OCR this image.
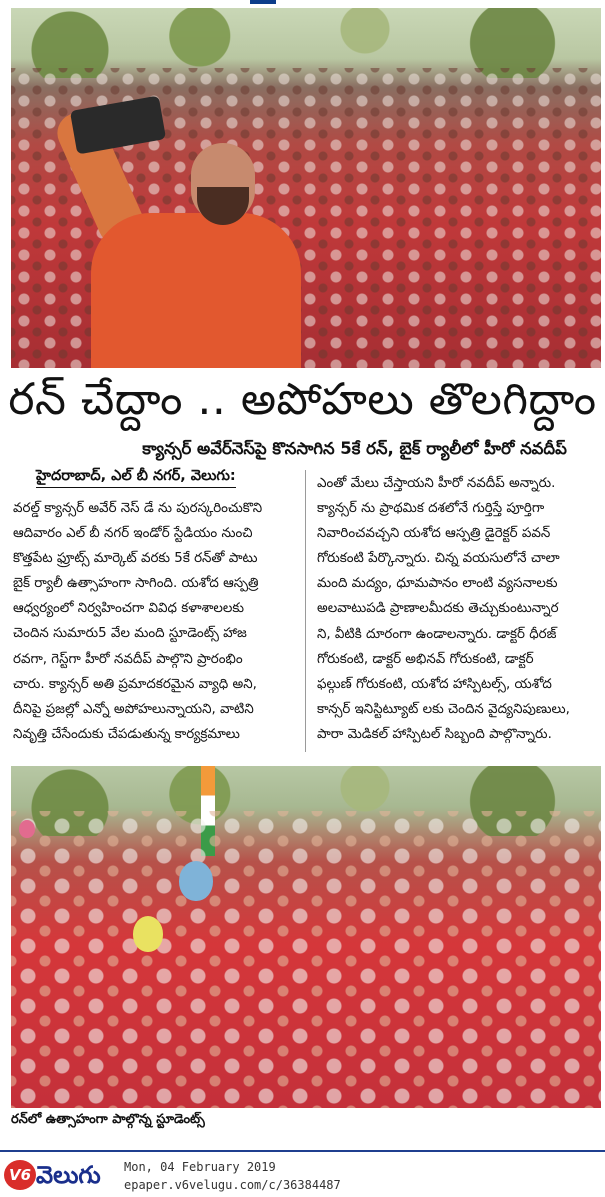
రన్ చేద్దాం .. అపోహలు తొలగిద్దాం
క్యాన్సర్ అవేర్‌నెస్‌పై కొనసాగిన 5కే రన్, బైక్ ర్యాలీలో హీరో నవదీప్
హైదరాబాద్, ఎల్ బీ నగర్, వెలుగు:
వరల్డ్ క్యాన్సర్ అవేర్ నెస్ డే ను పురస్కరించుకొని
ఆదివారం ఎల్ బీ నగర్ ఇండోర్ స్టేడియం నుంచి
కొత్తపేట ఫ్రూట్స్ మార్కెట్ వరకు 5కే రన్‌తో పాటు
బైక్ ర్యాలీ ఉత్సాహంగా సాగింది. యశోద ఆస్పత్రి
ఆధ్వర్యంలో నిర్వహించగా వివిధ కళాశాలలకు
చెందిన సుమారు5 వేల మంది స్టూడెంట్స్ హాజ
రవగా, గెస్ట్‌గా హీరో నవదీప్ పాల్గొని ప్రారంభిం
చారు. క్యాన్సర్ అతి ప్రమాదకరమైన వ్యాధి అని,
దీనిపై ప్రజల్లో ఎన్నో అపోహలున్నాయని, వాటిని
నివృత్తి చేసేందుకు చేపడుతున్న కార్యక్రమాలు
ఎంతో మేలు చేస్తాయని హీరో నవదీప్ అన్నారు.
క్యాన్సర్ ను ప్రాథమిక దశలోనే గుర్తిస్తే పూర్తిగా
నివారించవచ్చని యశోద ఆస్పత్రి డైరెక్టర్ పవన్
గోరుకంటి పేర్కొన్నారు. చిన్న వయసులోనే చాలా
మంది మద్యం, ధూమపానం లాంటి వ్యసనాలకు
అలవాటుపడి ప్రాణాలమీదకు తెచ్చుకుంటున్నార
ని, వీటికి దూరంగా ఉండాలన్నారు. డాక్టర్ ధీరజ్
గోరుకంటి, డాక్టర్ అభినవ్ గోరుకంటి, డాక్టర్
ఫల్గుణ్ గోరుకంటి, యశోద హాస్పిటల్స్, యశోద
కాన్సర్ ఇనిస్టిట్యూట్ లకు చెందిన వైద్యనిపుణులు,
పారా మెడికల్ హాస్పిటల్ సిబ్బంది పాల్గొన్నారు.
రన్‌లో ఉత్సాహంగా పాల్గొన్న స్టూడెంట్స్
V6 వెలుగు Mon, 04 February 2019
epaper.v6velugu.com/c/36384487
